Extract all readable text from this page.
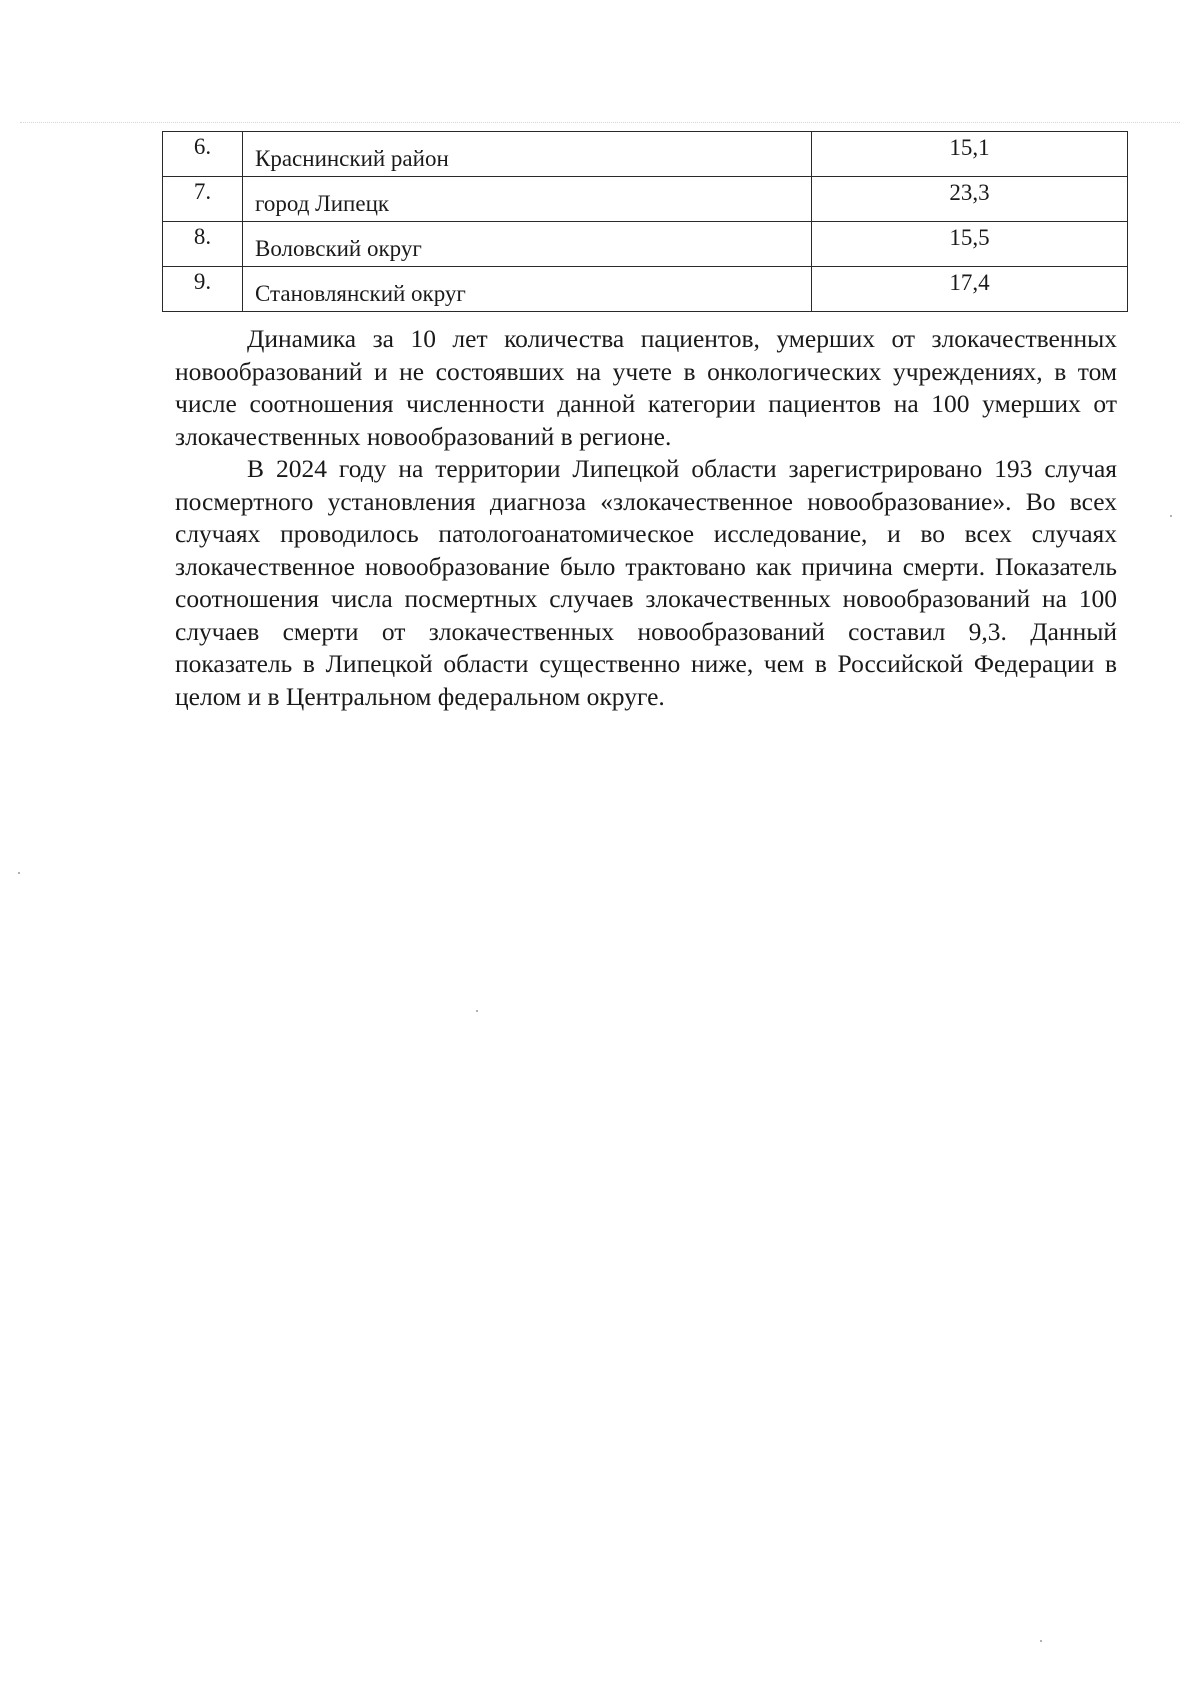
6.	Краснинский район	15,1
7.	город Липецк	23,3
8.	Воловский округ	15,5
9.	Становлянский округ	17,4

Динамика за 10 лет количества пациентов, умерших от злокачественных новообразований и не состоявших на учете в онкологических учреждениях, в том числе соотношения численности данной категории пациентов на 100 умерших от злокачественных новообразований в регионе.

В 2024 году на территории Липецкой области зарегистрировано 193 случая посмертного установления диагноза «злокачественное новообразование». Во всех случаях проводилось патологоанатомическое исследование, и во всех случаях злокачественное новообразование было трактовано как причина смерти. Показатель соотношения числа посмертных случаев злокачественных новообразований на 100 случаев смерти от злокачественных новообразований составил 9,3. Данный показатель в Липецкой области существенно ниже, чем в Российской Федерации в целом и в Центральном федеральном округе.
